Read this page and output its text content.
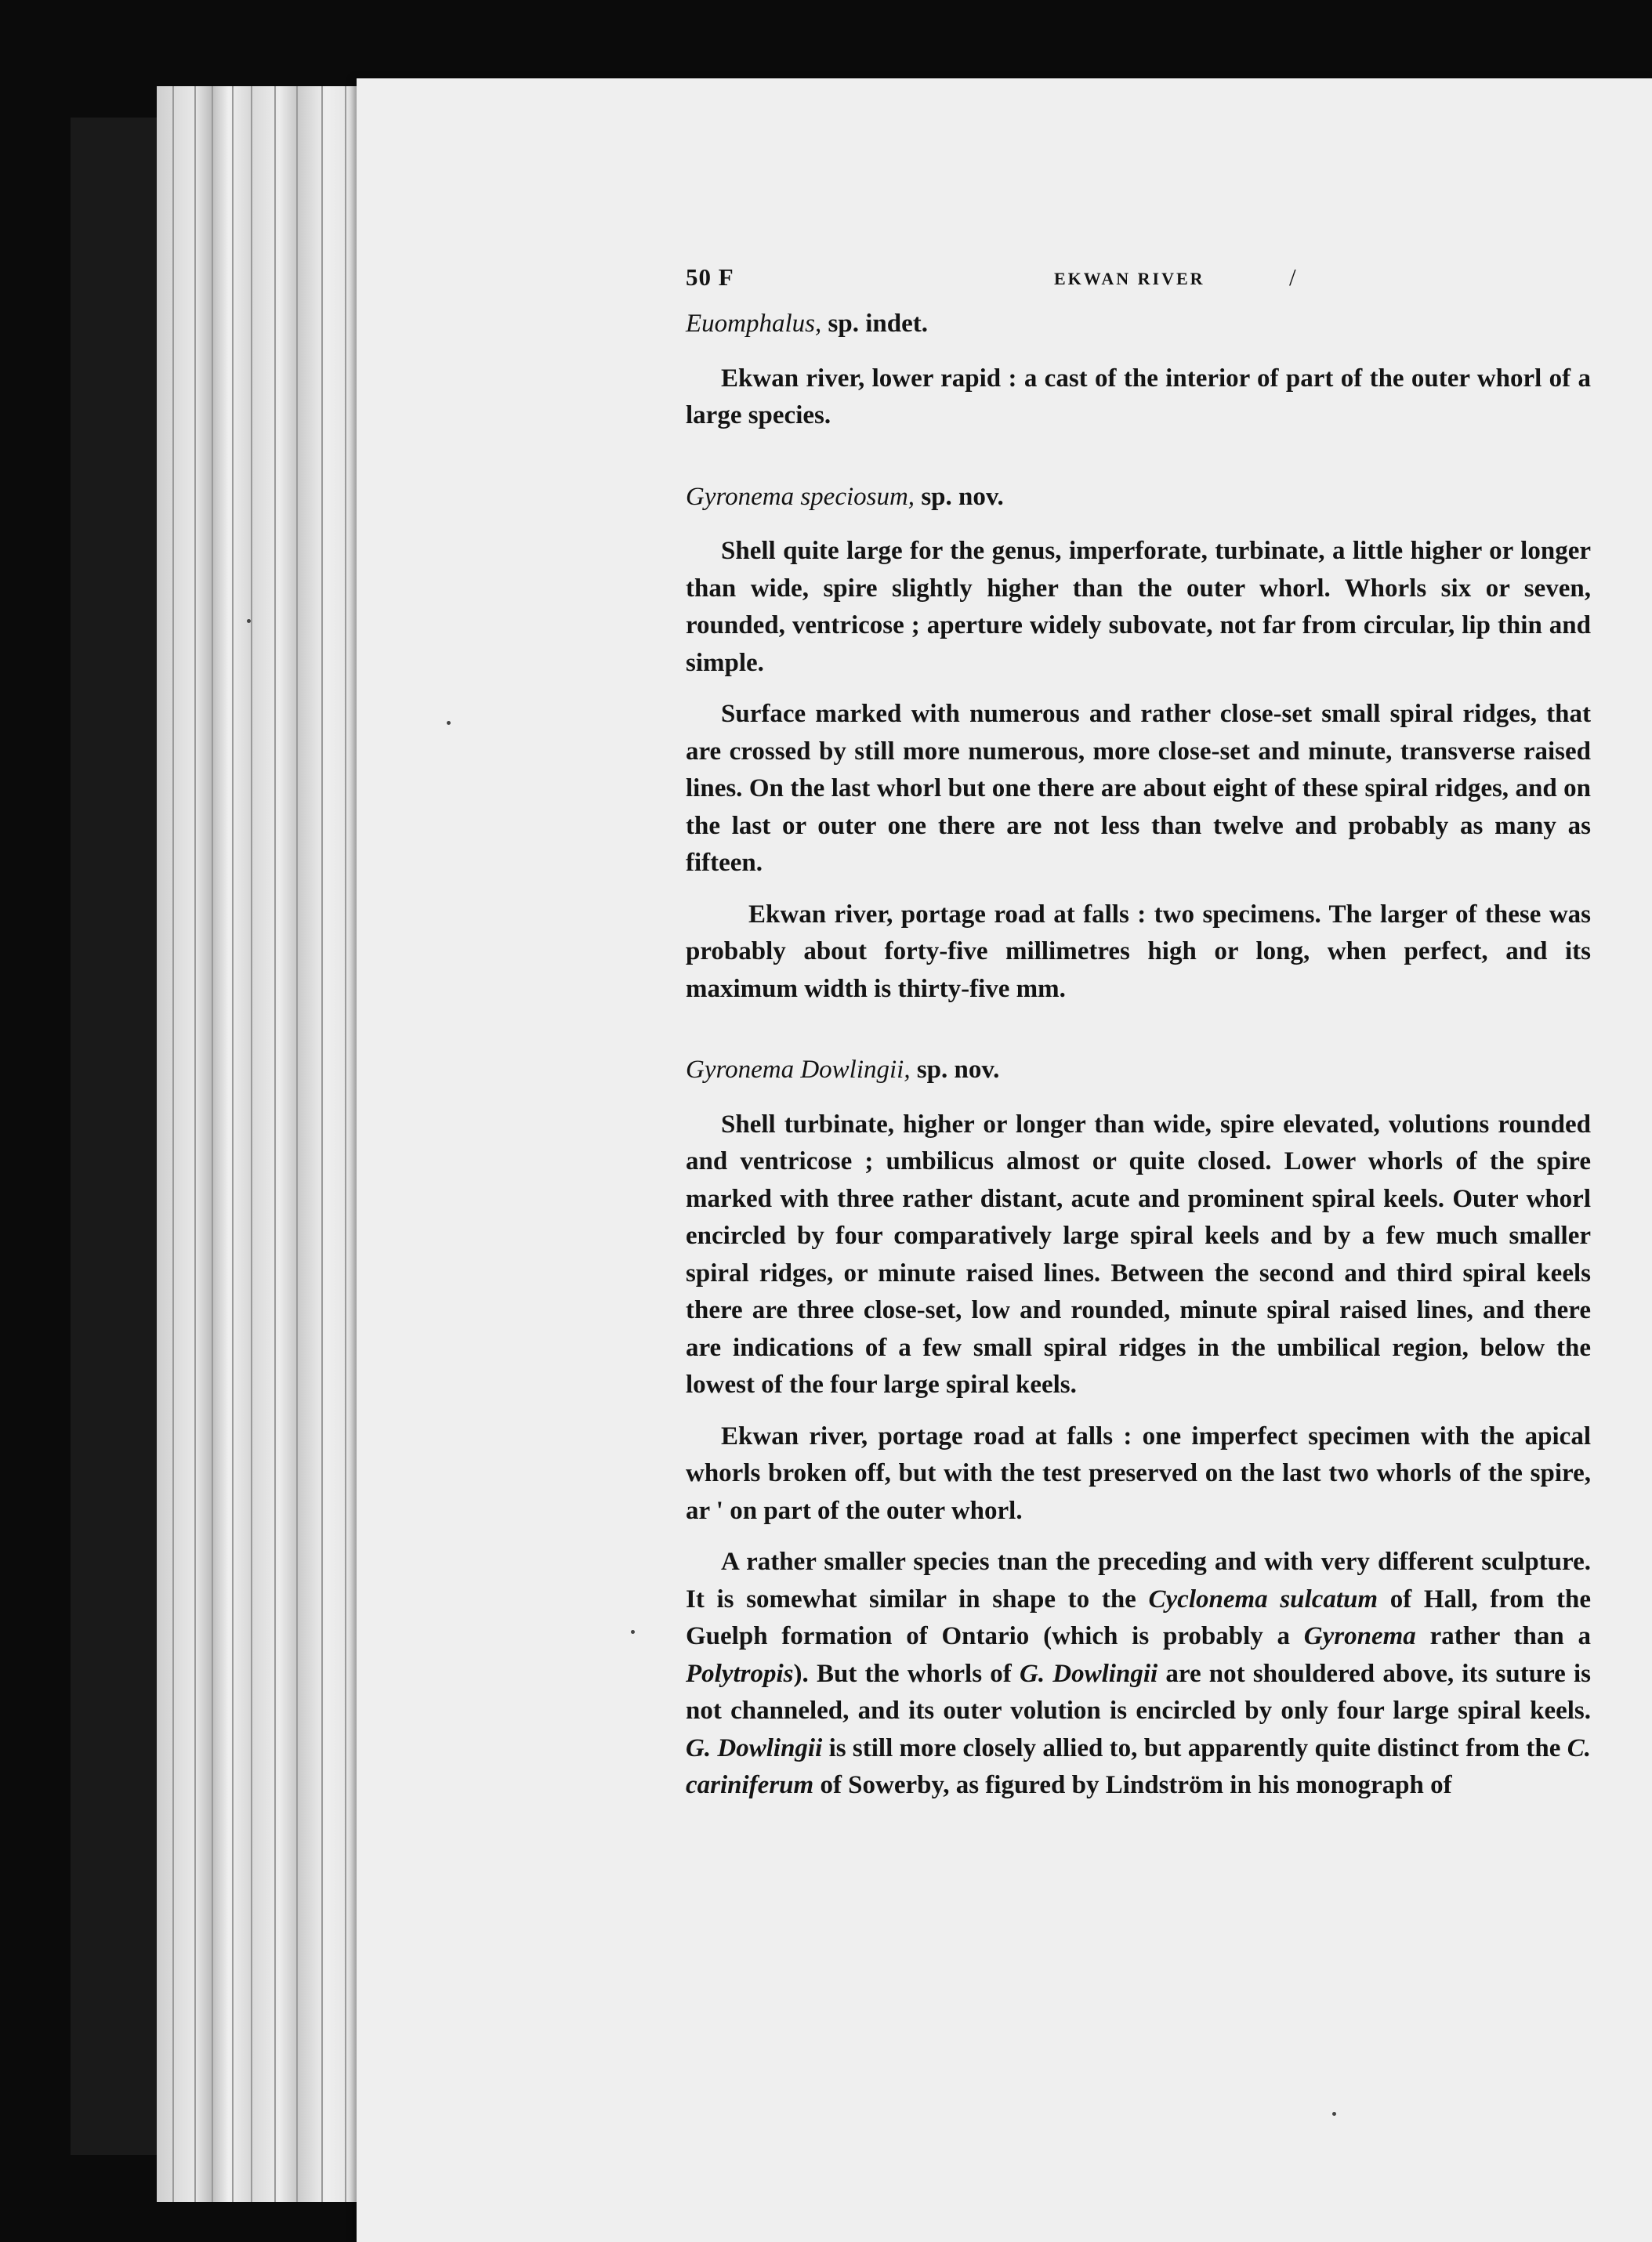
50 F	EKWAN RIVER	/
Euomphalus, sp. indet.

Ekwan river, lower rapid : a cast of the interior of part of the outer whorl of a large species.

Gyronema speciosum, sp. nov.

Shell quite large for the genus, imperforate, turbinate, a little higher or longer than wide, spire slightly higher than the outer whorl. Whorls six or seven, rounded, ventricose ; aperture widely subovate, not far from circular, lip thin and simple.

Surface marked with numerous and rather close-set small spiral ridges, that are crossed by still more numerous, more close-set and minute, transverse raised lines. On the last whorl but one there are about eight of these spiral ridges, and on the last or outer one there are not less than twelve and probably as many as fifteen.

Ekwan river, portage road at falls : two specimens. The larger of these was probably about forty-five millimetres high or long, when perfect, and its maximum width is thirty-five mm.

Gyronema Dowlingii, sp. nov.

Shell turbinate, higher or longer than wide, spire elevated, volutions rounded and ventricose ; umbilicus almost or quite closed. Lower whorls of the spire marked with three rather distant, acute and prominent spiral keels. Outer whorl encircled by four comparatively large spiral keels and by a few much smaller spiral ridges, or minute raised lines. Between the second and third spiral keels there are three close-set, low and rounded, minute spiral raised lines, and there are indications of a few small spiral ridges in the umbilical region, below the lowest of the four large spiral keels.

Ekwan river, portage road at falls : one imperfect specimen with the apical whorls broken off, but with the test preserved on the last two whorls of the spire, ar ' on part of the outer whorl.

A rather smaller species tnan the preceding and with very different sculpture. It is somewhat similar in shape to the Cyclonema sulcatum of Hall, from the Guelph formation of Ontario (which is probably a Gyronema rather than a Polytropis). But the whorls of G. Dowlingii are not shouldered above, its suture is not channeled, and its outer volution is encircled by only four large spiral keels. G. Dowlingii is still more closely allied to, but apparently quite distinct from the C. cariniferum of Sowerby, as figured by Lindström in his monograph of
